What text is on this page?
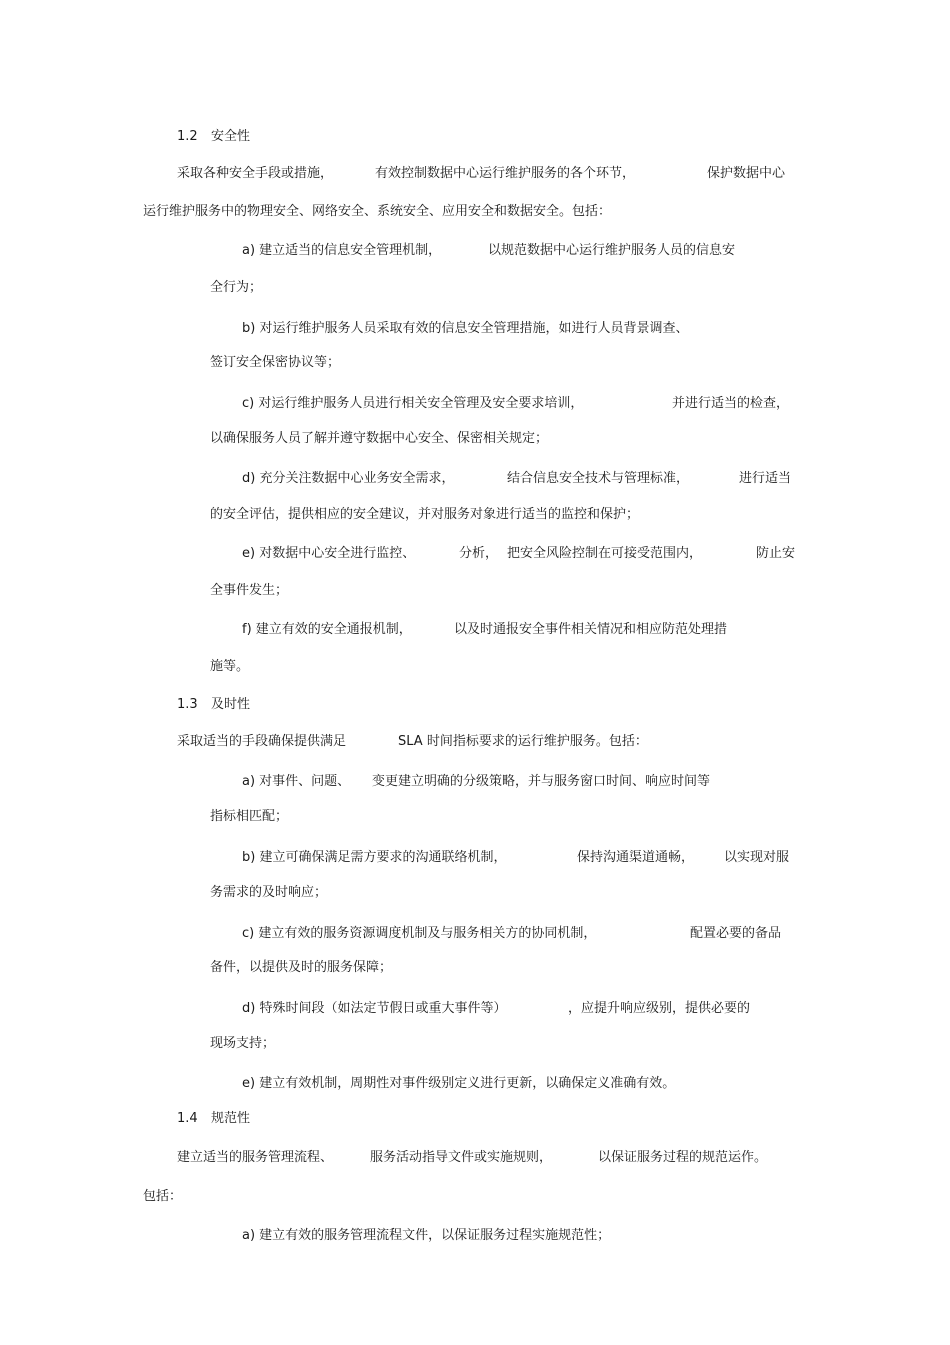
1.2 安全性
采取各种安全手段或措施，	有效控制数据中心运行维护服务的各个环节，	保护数据中心
运行维护服务中的物理安全、网络安全、系统安全、应用安全和数据安全。包括：
a) 建立适当的信息安全管理机制，	以规范数据中心运行维护服务人员的信息安
全行为；
b) 对运行维护服务人员采取有效的信息安全管理措施，如进行人员背景调查、
签订安全保密协议等；
c) 对运行维护服务人员进行相关安全管理及安全要求培训，	并进行适当的检查，
以确保服务人员了解并遵守数据中心安全、保密相关规定；
d) 充分关注数据中心业务安全需求，	结合信息安全技术与管理标准，	进行适当
的安全评估，提供相应的安全建议，并对服务对象进行适当的监控和保护；
e) 对数据中心安全进行监控、	分析， 把安全风险控制在可接受范围内，	防止安
全事件发生；
f) 建立有效的安全通报机制，	以及时通报安全事件相关情况和相应防范处理措
施等。
1.3 及时性
采取适当的手段确保提供满足	SLA 时间指标要求的运行维护服务。包括：
a) 对事件、问题、 变更建立明确的分级策略，并与服务窗口时间、响应时间等
指标相匹配；
b) 建立可确保满足需方要求的沟通联络机制，	保持沟通渠道通畅， 以实现对服
务需求的及时响应；
c) 建立有效的服务资源调度机制及与服务相关方的协同机制，	配置必要的备品
备件，以提供及时的服务保障；
d) 特殊时间段（如法定节假日或重大事件等）	，应提升响应级别，提供必要的
现场支持；
e) 建立有效机制，周期性对事件级别定义进行更新，以确保定义准确有效。
1.4 规范性
建立适当的服务管理流程、	服务活动指导文件或实施规则，	以保证服务过程的规范运作。
包括：
a) 建立有效的服务管理流程文件，以保证服务过程实施规范性；
